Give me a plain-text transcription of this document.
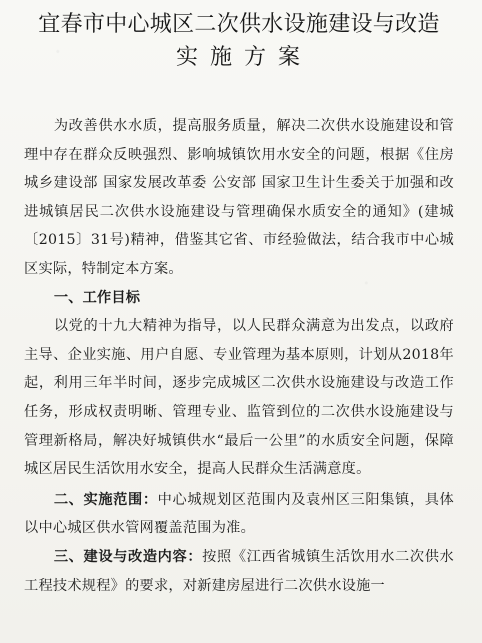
宜春市中心城区二次供水设施建设与改造
实施方案

为改善供水水质，提高服务质量，解决二次供水设施建设和管理中存在群众反映强烈、影响城镇饮用水安全的问题，根据《住房城乡建设部 国家发展改革委 公安部 国家卫生计生委关于加强和改进城镇居民二次供水设施建设与管理确保水质安全的通知》(建城〔2015〕31号)精神，借鉴其它省、市经验做法，结合我市中心城区实际，特制定本方案。

一、工作目标

以党的十九大精神为指导，以人民群众满意为出发点，以政府主导、企业实施、用户自愿、专业管理为基本原则，计划从2018年起，利用三年半时间，逐步完成城区二次供水设施建设与改造工作任务，形成权责明晰、管理专业、监管到位的二次供水设施建设与管理新格局，解决好城镇供水“最后一公里”的水质安全问题，保障城区居民生活饮用水安全，提高人民群众生活满意度。

二、实施范围：中心城规划区范围内及袁州区三阳集镇，具体以中心城区供水管网覆盖范围为准。

三、建设与改造内容：按照《江西省城镇生活饮用水二次供水工程技术规程》的要求，对新建房屋进行二次供水设施一
